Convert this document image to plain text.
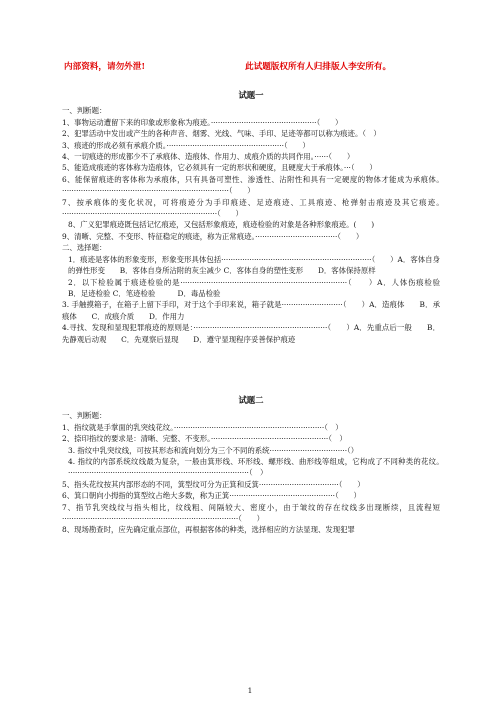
内部资料，请勿外泄!	此试题版权所有人归排版人李安所有。
试题一

一、判断题：

1、事物运动遭留下来的印象或形象称为痕迹。·············································（　　）

2、犯罪活动中发出或产生的各种声音、烟雾、光线、气味、手印、足迹等都可以称为痕迹。（　）

3、痕迹的形成必须有承痕介质。··················································（　　）

4、一切痕迹的形成都少不了承痕体、造痕体、作用力、成痕介质的共同作用。······（　　）

5、能造成痕迹的客体称为造痕体，它必须具有一定的形状和硬度，且硬度大于承痕体。···（　　）

6、能保留痕迹的客体称为承痕体，只有具备可塑性、渗透性、沾附性和具有一定硬度的物体才能成为承痕体。·······································································（　　）

7、按承痕体的变化状况，可将痕迹分为手印痕迹、足迹痕迹、工具痕迹、枪弹射击痕迹及其它痕迹。··································································（　　）

8、广义犯罪痕迹既包括记忆痕迹，又包括形象痕迹，痕迹检验的对象是各种形象痕迹。(　　)

9、清晰、完整、不变形、特征稳定的痕迹，称为正常痕迹。···································（　　）

二、选择题：

1．痕迹是客体的形象变形，形象变形具体包括································································（　　）A．客体自身的弹性形变　　B．客体自身所沾附的灰尘减少 C．客体自身的塑性变形　　D．客体保持原样

2．以下检验属于痕迹检验的是·······································································（　　）A．人体伤痕检验　　　B．足迹检验 C．笔迹检验　　　D．毒品检验

3. 手触摸箱子，在箱子上留下手印，对于这个手印来说，箱子就是··························（　　）A．造痕体　　B．承痕体　　C．成痕介质　　D．作用力

4.寻找、发现和显现犯罪痕迹的原则是：·························································（　　）A．先重点后一般　　B．先静观后动观　　C．先观察后显现　　D．遵守显现程序妥善保护痕迹

试题二

一、判断题：

1、指纹就是手掌面的乳突线花纹。································································（　）

2、捺印指纹的要求是：清晰、完整、不变形。··················································（　）

3. 指纹中乳突纹线，可按其形态和流向划分为三个不同的系统·································（）

4. 指纹的内部系统纹线最为复杂，一般由箕形线、环形线、螺形线、曲形线等组成，它构成了不同种类的花纹。·············································································（　）

5、指头花纹按其内部形态的不同，箕型纹可分为正箕和反箕··································（　　）

6、箕口朝向小拇指的箕型纹占绝大多数，称为正箕·············································（　　）

7、指节乳突线纹与指头相比，纹线粗、间隔较大、密度小，由于皱纹的存在纹线多出现断续，且流程短···········································································（　　）

8、现场勘查时，应先确定重点部位，再根据客体的种类，选择相应的方法显现、发现犯罪

1
